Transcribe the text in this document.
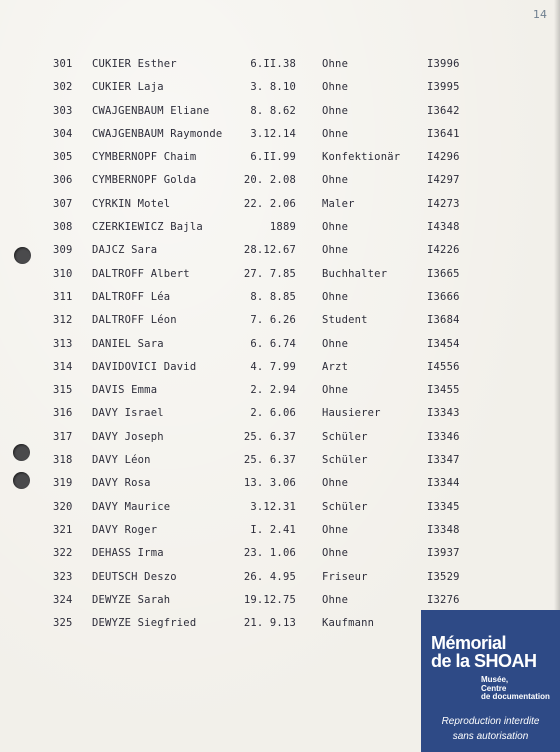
14
301	CUKIER Esther	6.II.38 Ohne	I3996
302	CUKIER Laja	3. 8.10 Ohne	I3995
303	CWAJGENBAUM Eliane	8. 8.62 Ohne	I3642
304	CWAJGENBAUM Raymonde	3.12.14 Ohne	I3641
305	CYMBERNOPF Chaim	6.II.99 Konfektionär	I4296
306	CYMBERNOPF Golda	20. 2.08 Ohne	I4297
307	CYRKIN Motel	22. 2.06 Maler	I4273
308	CZERKIEWICZ Bajla	1889 Ohne	I4348
309	DAJCZ Sara	28.12.67 Ohne	I4226
310	DALTROFF Albert	27. 7.85 Buchhalter	I3665
311	DALTROFF Léa	8. 8.85 Ohne	I3666
312	DALTROFF Léon	7. 6.26 Student	I3684
313	DANIEL Sara	6. 6.74 Ohne	I3454
314	DAVIDOVICI David	4. 7.99 Arzt	I4556
315	DAVIS Emma	2. 2.94 Ohne	I3455
316	DAVY Israel	2. 6.06 Hausierer	I3343
317	DAVY Joseph	25. 6.37 Schüler	I3346
318	DAVY Léon	25. 6.37 Schüler	I3347
319	DAVY Rosa	13. 3.06 Ohne	I3344
320	DAVY Maurice	3.12.31 Schüler	I3345
321	DAVY Roger	I. 2.41 Ohne	I3348
322	DEHASS Irma	23. 1.06 Ohne	I3937
323	DEUTSCH Deszo	26. 4.95 Friseur	I3529
324	DEWYZE Sarah	19.12.75 Ohne	I3276
325	DEWYZE Siegfried	21. 9.13 Kaufmann
Mémorial
de la SHOAH
Musée,
Centre
de documentation
Reproduction interdite
sans autorisation
